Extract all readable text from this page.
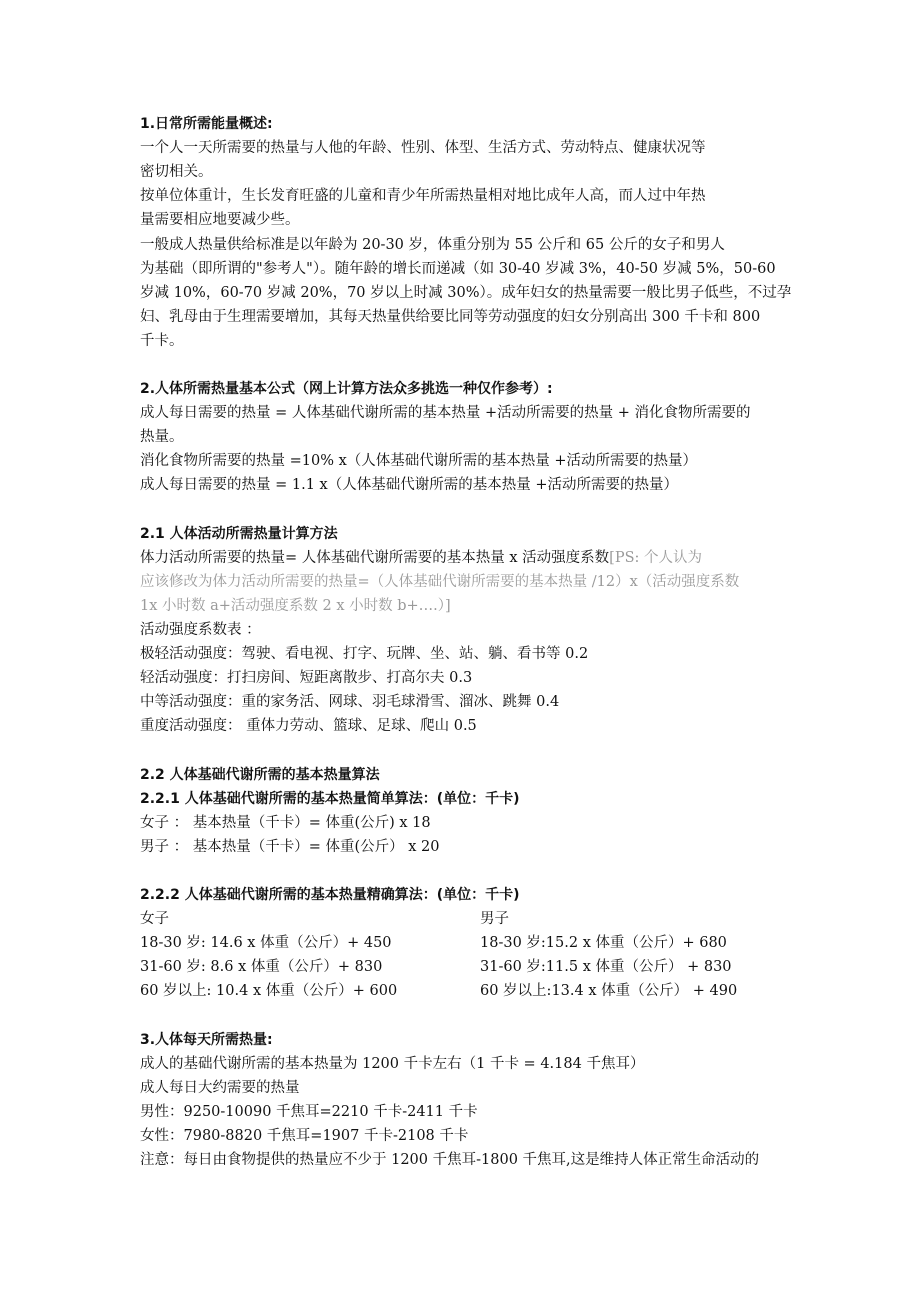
1.日常所需能量概述:
一个人一天所需要的热量与人他的年龄、性别、体型、生活方式、劳动特点、健康状况等
密切相关。
按单位体重计，生长发育旺盛的儿童和青少年所需热量相对地比成年人高，而人过中年热
量需要相应地要减少些。
一般成人热量供给标准是以年龄为 20-30 岁，体重分别为 55 公斤和 65 公斤的女子和男人
为基础（即所谓的"参考人"）。随年龄的增长而递减（如 30-40 岁减 3%，40-50 岁减 5%，50-60
岁减 10%，60-70 岁减 20%，70 岁以上时减 30%）。成年妇女的热量需要一般比男子低些，不过孕
妇、乳母由于生理需要增加，其每天热量供给要比同等劳动强度的妇女分别高出 300 千卡和 800
千卡。
2.人体所需热量基本公式（网上计算方法众多挑选一种仅作参考）:
成人每日需要的热量 = 人体基础代谢所需的基本热量 +活动所需要的热量 + 消化食物所需要的
热量。
消化食物所需要的热量 =10% x（人体基础代谢所需的基本热量 +活动所需要的热量）
成人每日需要的热量 = 1.1 x（人体基础代谢所需的基本热量 +活动所需要的热量）
2.1 人体活动所需热量计算方法
体力活动所需要的热量= 人体基础代谢所需要的基本热量 x 活动强度系数[PS: 个人认为
应该修改为体力活动所需要的热量=（人体基础代谢所需要的基本热量 /12）x（活动强度系数
1x 小时数 a+活动强度系数 2 x 小时数 b+….）]
活动强度系数表 ：
极轻活动强度：驾驶、看电视、打字、玩牌、坐、站、躺、看书等 0.2
轻活动强度：打扫房间、短距离散步、打高尔夫 0.3
中等活动强度：重的家务活、网球、羽毛球滑雪、溜冰、跳舞 0.4
重度活动强度： 重体力劳动、篮球、足球、爬山 0.5
2.2 人体基础代谢所需的基本热量算法
2.2.1 人体基础代谢所需的基本热量简单算法：(单位：千卡)
女子 ： 基本热量（千卡）= 体重(公斤) x 18
男子 ： 基本热量（千卡）= 体重(公斤） x 20
2.2.2 人体基础代谢所需的基本热量精确算法：(单位：千卡)
女子	男子
18-30 岁: 14.6 x 体重（公斤）+ 450	18-30 岁:15.2 x 体重（公斤）+ 680
31-60 岁: 8.6 x 体重（公斤）+ 830	31-60 岁:11.5 x 体重（公斤） + 830
60 岁以上: 10.4 x 体重（公斤）+ 600	60 岁以上:13.4 x 体重（公斤） + 490
3.人体每天所需热量:
成人的基础代谢所需的基本热量为 1200 千卡左右（1 千卡 = 4.184 千焦耳）
成人每日大约需要的热量
男性：9250-10090 千焦耳=2210 千卡-2411 千卡
女性：7980-8820 千焦耳=1907 千卡-2108 千卡
注意：每日由食物提供的热量应不少于 1200 千焦耳-1800 千焦耳,这是维持人体正常生命活动的
